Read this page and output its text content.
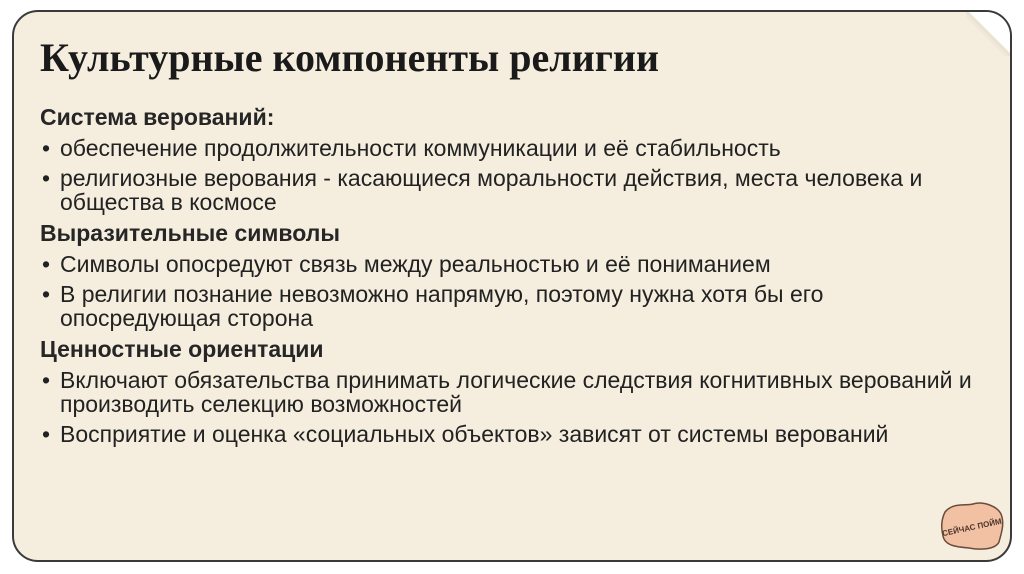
Культурные компоненты религии
Система верований:
• обеспечение продолжительности коммуникации и её стабильность
• религиозные верования - касающиеся моральности действия, места человека и общества в космосе
Выразительные символы
• Символы опосредуют связь между реальностью и её пониманием
• В религии познание невозможно напрямую, поэтому нужна хотя бы его опосредующая сторона
Ценностные ориентации
• Включают обязательства принимать логические следствия когнитивных верований и производить селекцию возможностей
• Восприятие и оценка «социальных объектов» зависят от системы верований
СЕЙЧАС ПОЙМ
